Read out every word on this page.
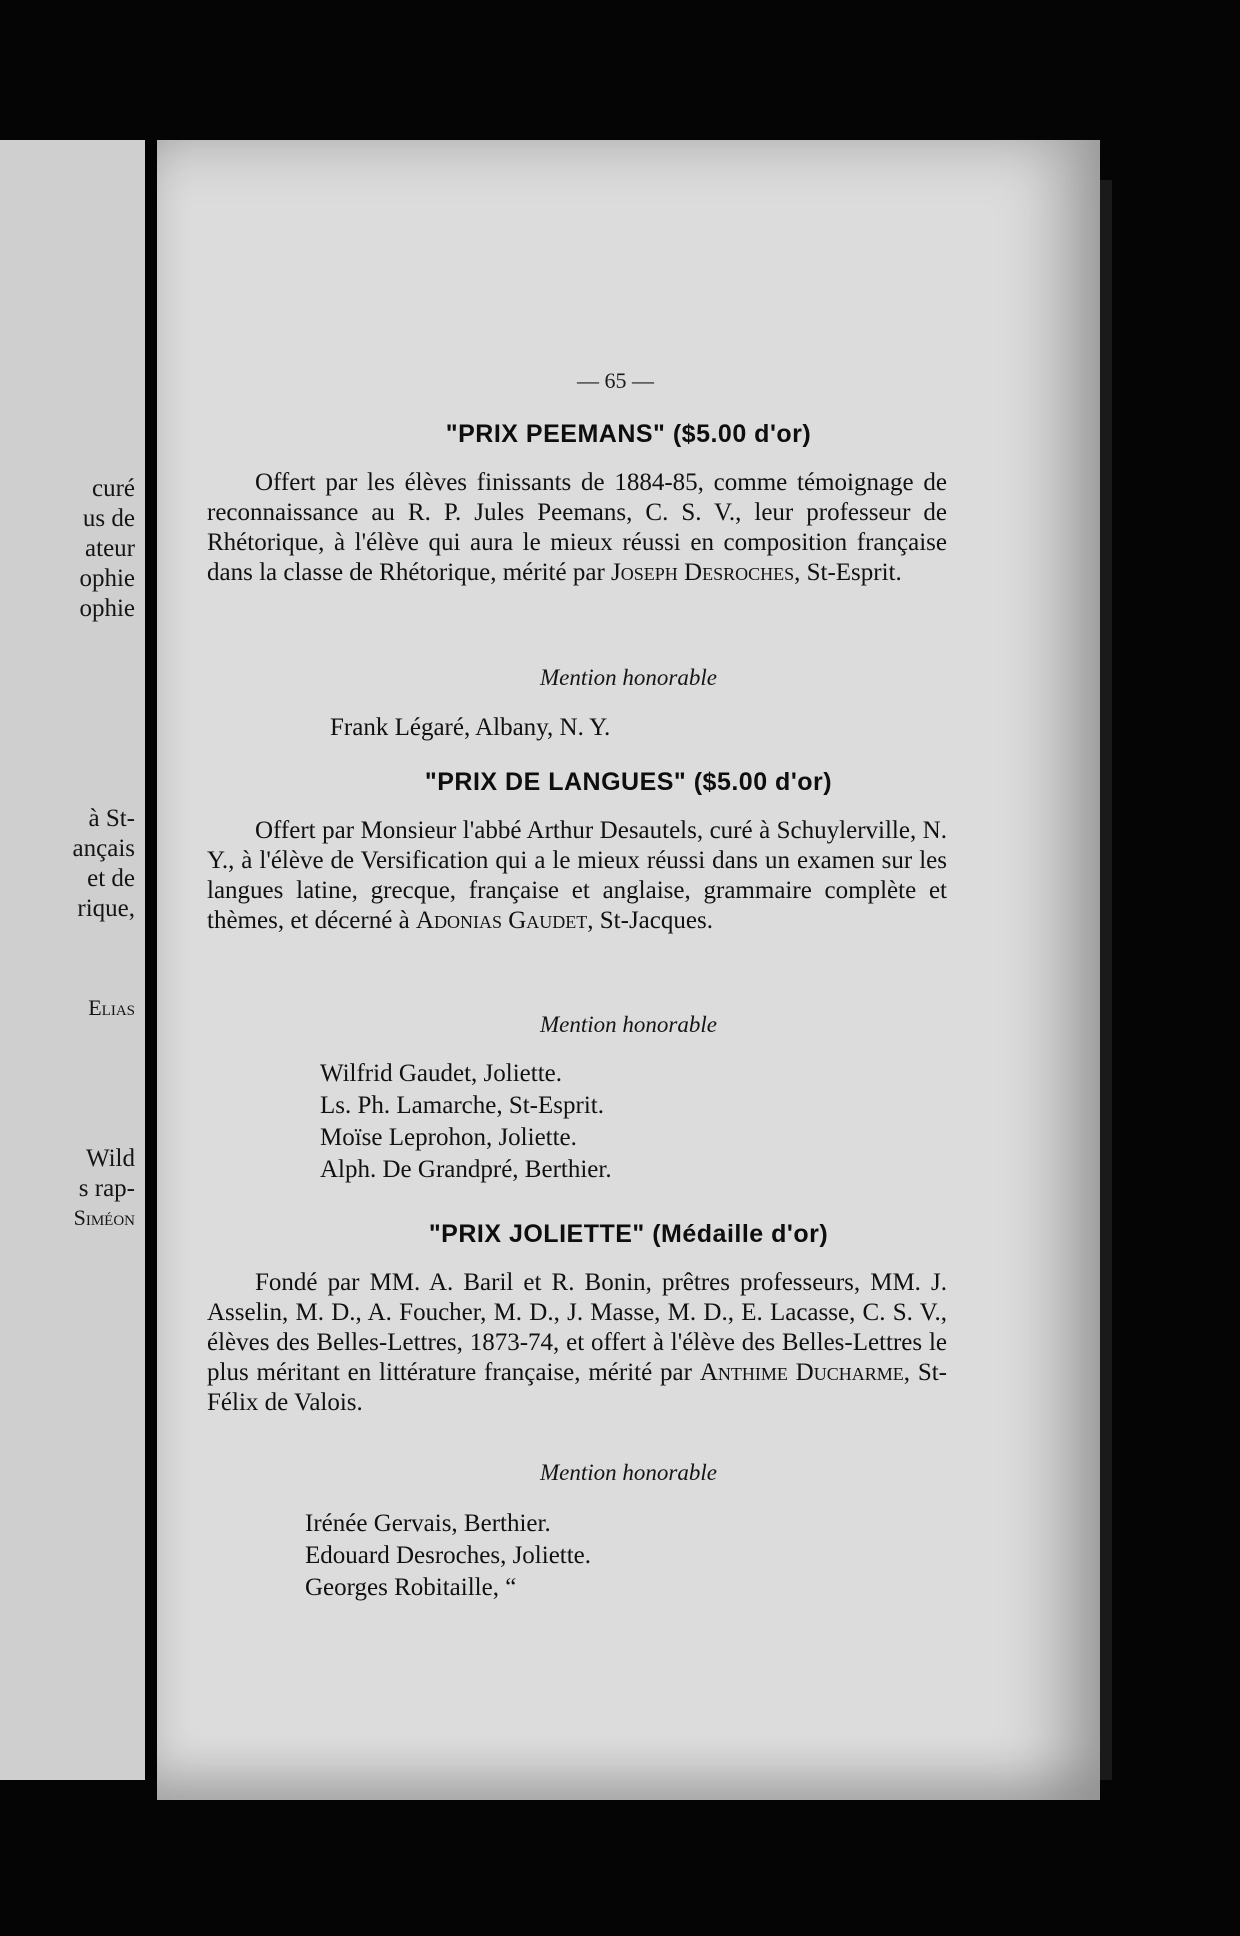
curé
us de
ateur
ophie
ophie
à St-
ançais
et de
rique,
Elias
Wild
s rap-
Siméon
— 65 —
"PRIX PEEMANS" ($5.00 d'or)
Offert par les élèves finissants de 1884-85, comme témoignage de reconnaissance au R. P. Jules Peemans, C. S. V., leur professeur de Rhétorique, à l'élève qui aura le mieux réussi en composition française dans la classe de Rhétorique, mérité par Joseph Desroches, St-Esprit.
Mention honorable
Frank Légaré, Albany, N. Y.
"PRIX DE LANGUES" ($5.00 d'or)
Offert par Monsieur l'abbé Arthur Desautels, curé à Schuylerville, N. Y., à l'élève de Versification qui a le mieux réussi dans un examen sur les langues latine, grecque, française et anglaise, grammaire complète et thèmes, et décerné à Adonias Gaudet, St-Jacques.
Mention honorable
Wilfrid Gaudet, Joliette.
Ls. Ph. Lamarche, St-Esprit.
Moïse Leprohon, Joliette.
Alph. De Grandpré, Berthier.
"PRIX JOLIETTE" (Médaille d'or)
Fondé par MM. A. Baril et R. Bonin, prêtres professeurs, MM. J. Asselin, M. D., A. Foucher, M. D., J. Masse, M. D., E. Lacasse, C. S. V., élèves des Belles-Lettres, 1873-74, et offert à l'élève des Belles-Lettres le plus méritant en littérature française, mérité par Anthime Ducharme, St-Félix de Valois.
Mention honorable
Irénée Gervais, Berthier.
Edouard Desroches, Joliette.
Georges Robitaille, “
